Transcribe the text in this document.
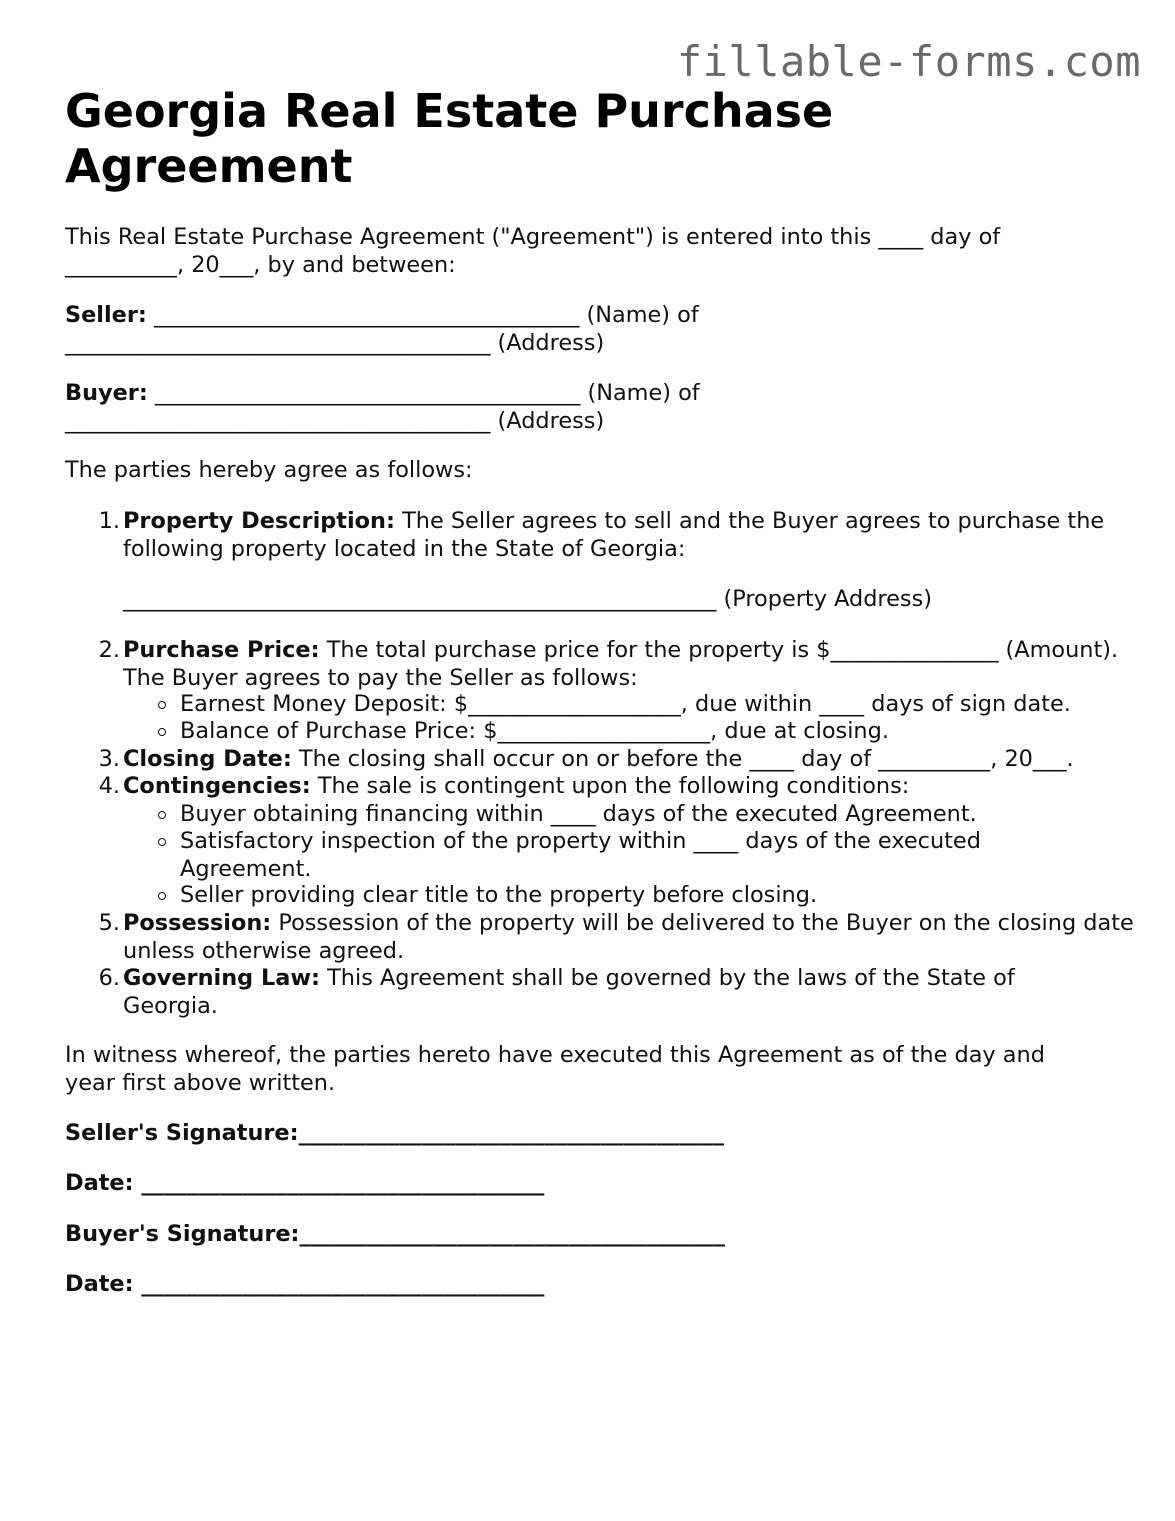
fillable-forms.com
Georgia Real Estate Purchase Agreement

This Real Estate Purchase Agreement ("Agreement") is entered into this ____ day of __________, 20___, by and between:

Seller: ______________________________________ (Name) of
______________________________________ (Address)

Buyer: ______________________________________ (Name) of
______________________________________ (Address)

The parties hereby agree as follows:

1. Property Description: The Seller agrees to sell and the Buyer agrees to purchase the following property located in the State of Georgia:
_____________________________________________________ (Property Address)
2. Purchase Price: The total purchase price for the property is $_______________ (Amount). The Buyer agrees to pay the Seller as follows:
Earnest Money Deposit: $___________________, due within ____ days of sign date.
Balance of Purchase Price: $___________________, due at closing.
3. Closing Date: The closing shall occur on or before the ____ day of __________, 20___.
4. Contingencies: The sale is contingent upon the following conditions:
Buyer obtaining financing within ____ days of the executed Agreement.
Satisfactory inspection of the property within ____ days of the executed Agreement.
Seller providing clear title to the property before closing.
5. Possession: Possession of the property will be delivered to the Buyer on the closing date unless otherwise agreed.
6. Governing Law: This Agreement shall be governed by the laws of the State of Georgia.

In witness whereof, the parties hereto have executed this Agreement as of the day and year first above written.

Seller's Signature:______________________________________

Date: ____________________________________

Buyer's Signature:______________________________________

Date: ____________________________________
